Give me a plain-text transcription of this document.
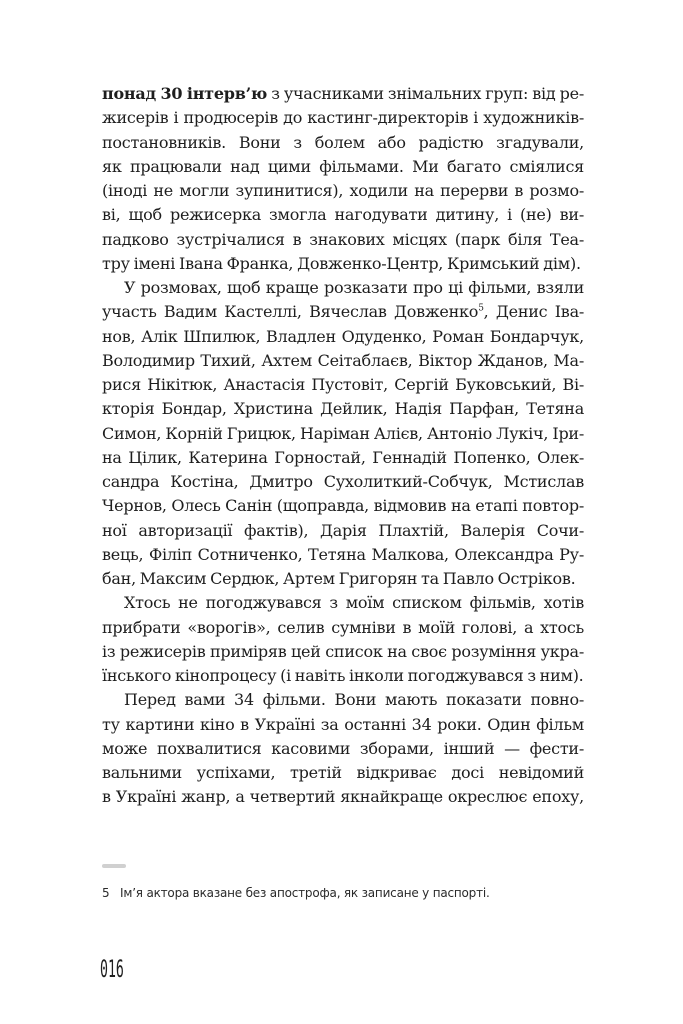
понад 30 інтерв’ю з учасниками знімальних груп: від ре-
жисерів і продюсерів до кастинг-директорів і художників-
постановників. Вони з болем або радістю згадували,
як працювали над цими фільмами. Ми багато сміялися
(іноді не могли зупинитися), ходили на перерви в розмо-
ві, щоб режисерка змогла нагодувати дитину, і (не) ви-
падково зустрічалися в знакових місцях (парк біля Теа-
тру імені Івана Франка, Довженко-Центр, Кримський дім).
У розмовах, щоб краще розказати про ці фільми, взяли
участь Вадим Кастеллі, Вячеслав Довженко$^5$, Денис Іва-
нов, Алік Шпилюк, Владлен Одуденко, Роман Бондарчук,
Володимир Тихий, Ахтем Сеітаблаєв, Віктор Жданов, Ма-
рися Нікітюк, Анастасія Пустовіт, Сергій Буковський, Ві-
кторія Бондар, Христина Дейлик, Надія Парфан, Тетяна
Симон, Корній Грицюк, Наріман Алієв, Антоніо Лукіч, Іри-
на Цілик, Катерина Горностай, Геннадій Попенко, Олек-
сандра Костіна, Дмитро Сухолиткий-Собчук, Мстислав
Чернов, Олесь Санін (щоправда, відмовив на етапі повтор-
ної авторизації фактів), Дарія Плахтій, Валерія Сочи-
вець, Філіп Сотниченко, Тетяна Малкова, Олександра Ру-
бан, Максим Сердюк, Артем Григорян та Павло Остріков.
Хтось не погоджувався з моїм списком фільмів, хотів
прибрати «ворогів», селив сумніви в моїй голові, а хтось
із режисерів приміряв цей список на своє розуміння укра-
їнського кінопроцесу (і навіть інколи погоджувався з ним).
Перед вами 34 фільми. Вони мають показати повно-
ту картини кіно в Україні за останні 34 роки. Один фільм
може похвалитися касовими зборами, інший — фести-
вальними успіхами, третій відкриває досі невідомий
в Україні жанр, а четвертий якнайкраще окреслює епоху,
5 Ім’я актора вказане без апострофа, як записане у паспорті.
016
